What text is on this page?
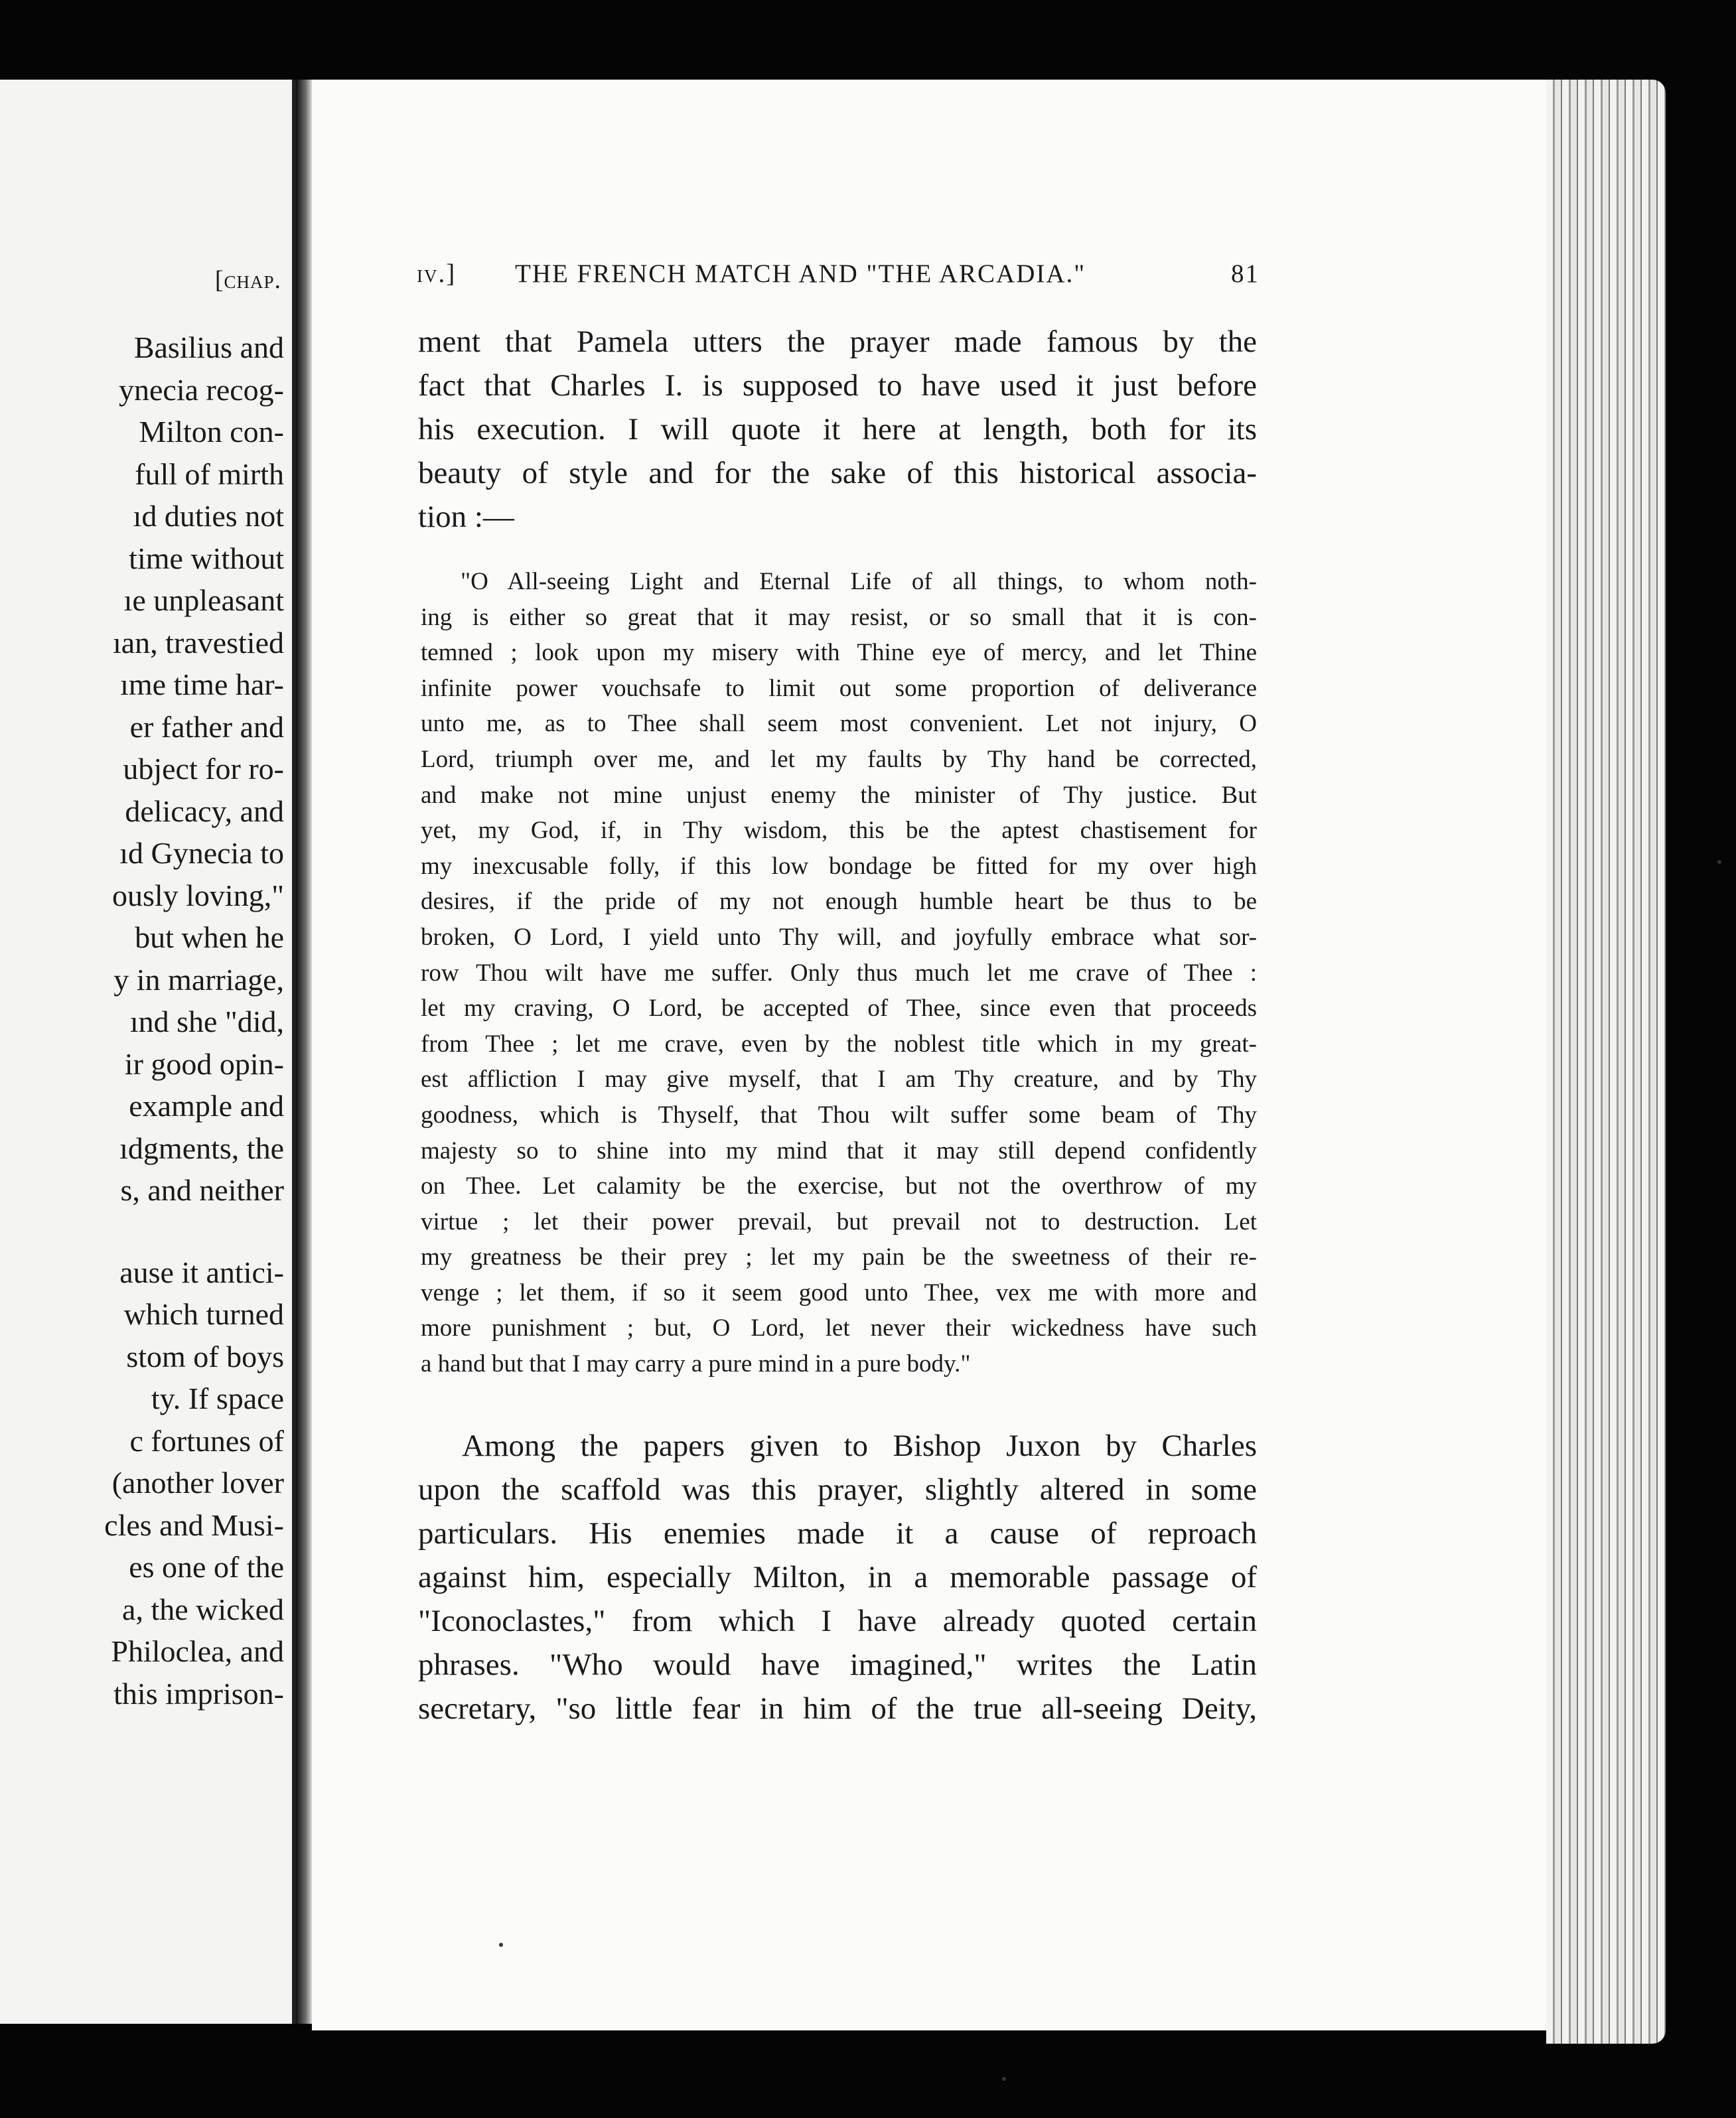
[chap.
Basilius and
ynecia recog-
Milton con-
full of mirth
ıd duties not
time without
ıe unpleasant
ıan, travestied
ıme time har-
er father and
ubject for ro-
delicacy, and
ıd Gynecia to
ously loving,"
but when he
y in marriage,
ınd she "did,
ir good opin-
example and
ıdgments, the
s, and neither
ause it antici-
which turned
stom of boys
ty. If space
c fortunes of
(another lover
cles and Musi-
es one of the
a, the wicked
Philoclea, and
this imprison-
iv.] THE FRENCH MATCH AND "THE ARCADIA."	81
ment that Pamela utters the prayer made famous by the
fact that Charles I. is supposed to have used it just before
his execution. I will quote it here at length, both for its
beauty of style and for the sake of this historical associa-
tion :—
"O All-seeing Light and Eternal Life of all things, to whom noth-
ing is either so great that it may resist, or so small that it is con-
temned ; look upon my misery with Thine eye of mercy, and let Thine
infinite power vouchsafe to limit out some proportion of deliverance
unto me, as to Thee shall seem most convenient. Let not injury, O
Lord, triumph over me, and let my faults by Thy hand be corrected,
and make not mine unjust enemy the minister of Thy justice. But
yet, my God, if, in Thy wisdom, this be the aptest chastisement for
my inexcusable folly, if this low bondage be fitted for my over high
desires, if the pride of my not enough humble heart be thus to be
broken, O Lord, I yield unto Thy will, and joyfully embrace what sor-
row Thou wilt have me suffer. Only thus much let me crave of Thee :
let my craving, O Lord, be accepted of Thee, since even that proceeds
from Thee ; let me crave, even by the noblest title which in my great-
est affliction I may give myself, that I am Thy creature, and by Thy
goodness, which is Thyself, that Thou wilt suffer some beam of Thy
majesty so to shine into my mind that it may still depend confidently
on Thee. Let calamity be the exercise, but not the overthrow of my
virtue ; let their power prevail, but prevail not to destruction. Let
my greatness be their prey ; let my pain be the sweetness of their re-
venge ; let them, if so it seem good unto Thee, vex me with more and
more punishment ; but, O Lord, let never their wickedness have such
a hand but that I may carry a pure mind in a pure body."
Among the papers given to Bishop Juxon by Charles
upon the scaffold was this prayer, slightly altered in some
particulars. His enemies made it a cause of reproach
against him, especially Milton, in a memorable passage of
"Iconoclastes," from which I have already quoted certain
phrases. "Who would have imagined," writes the Latin
secretary, "so little fear in him of the true all-seeing Deity,
